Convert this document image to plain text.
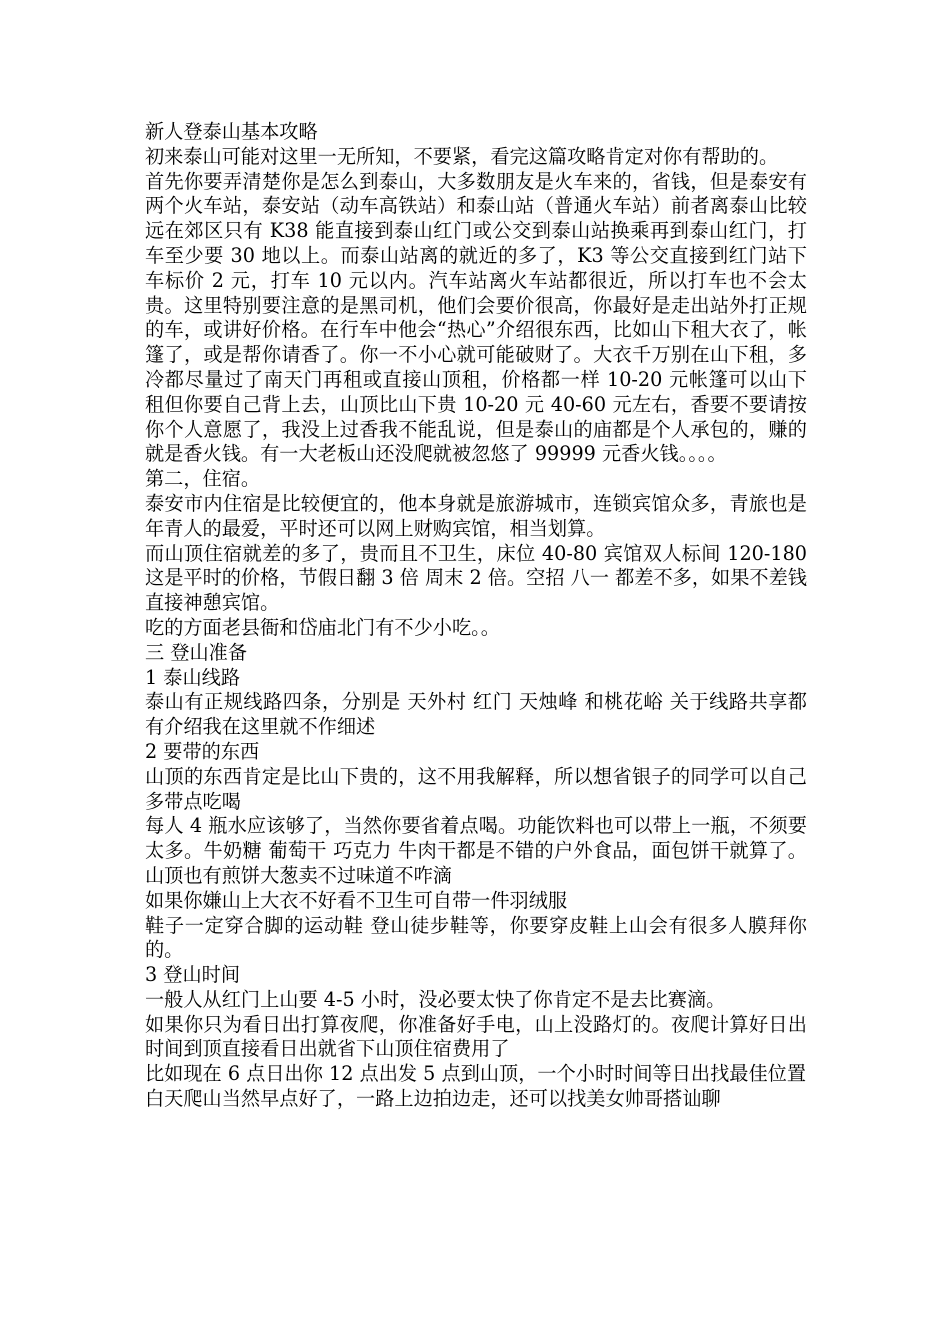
新人登泰山基本攻略

初来泰山可能对这里一无所知，不要紧，看完这篇攻略肯定对你有帮助的。

首先你要弄清楚你是怎么到泰山，大多数朋友是火车来的，省钱，但是泰安有两个火车站，泰安站（动车高铁站）和泰山站（普通火车站）前者离泰山比较远在郊区只有 K38 能直接到泰山红门或公交到泰山站换乘再到泰山红门，打车至少要 30 地以上。而泰山站离的就近的多了，K3 等公交直接到红门站下车标价 2 元，打车 10 元以内。汽车站离火车站都很近，所以打车也不会太贵。这里特别要注意的是黑司机，他们会要价很高，你最好是走出站外打正规的车，或讲好价格。在行车中他会“热心”介绍很东西，比如山下租大衣了，帐篷了，或是帮你请香了。你一不小心就可能破财了。大衣千万别在山下租，多冷都尽量过了南天门再租或直接山顶租，价格都一样 10-20 元帐篷可以山下租但你要自己背上去，山顶比山下贵 10-20 元 40-60 元左右，香要不要请按你个人意愿了，我没上过香我不能乱说，但是泰山的庙都是个人承包的，赚的就是香火钱。有一大老板山还没爬就被忽悠了 99999 元香火钱。。。。

第二，住宿。

泰安市内住宿是比较便宜的，他本身就是旅游城市，连锁宾馆众多，青旅也是年青人的最爱，平时还可以网上财购宾馆，相当划算。

而山顶住宿就差的多了，贵而且不卫生，床位 40-80 宾馆双人标间 120-180 这是平时的价格，节假日翻 3 倍 周末 2 倍。空招 八一 都差不多，如果不差钱直接神憩宾馆。

吃的方面老县衙和岱庙北门有不少小吃。。

三 登山准备

1 泰山线路

泰山有正规线路四条，分别是 天外村 红门 天烛峰 和桃花峪 关于线路共享都有介绍我在这里就不作细述

2 要带的东西

山顶的东西肯定是比山下贵的，这不用我解释，所以想省银子的同学可以自己多带点吃喝

每人 4 瓶水应该够了，当然你要省着点喝。功能饮料也可以带上一瓶，不须要太多。牛奶糖 葡萄干 巧克力 牛肉干都是不错的户外食品，面包饼干就算了。山顶也有煎饼大葱卖不过味道不咋滴

如果你嫌山上大衣不好看不卫生可自带一件羽绒服

鞋子一定穿合脚的运动鞋 登山徒步鞋等，你要穿皮鞋上山会有很多人膜拜你的。

3 登山时间

一般人从红门上山要 4-5 小时，没必要太快了你肯定不是去比赛滴。

如果你只为看日出打算夜爬，你准备好手电，山上没路灯的。夜爬计算好日出时间到顶直接看日出就省下山顶住宿费用了

比如现在 6 点日出你 12 点出发 5 点到山顶，一个小时时间等日出找最佳位置

白天爬山当然早点好了，一路上边拍边走，还可以找美女帅哥搭讪聊
